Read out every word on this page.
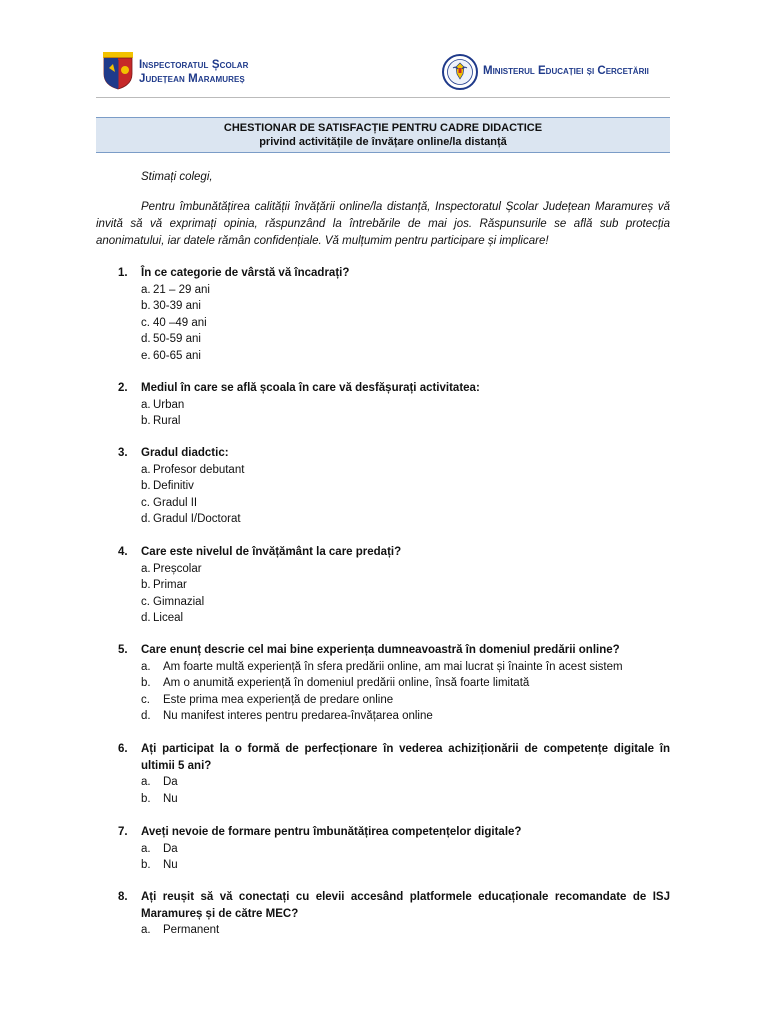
Inspectoratul Școlar
Județean Maramureș
Ministerul Educației și Cercetării
CHESTIONAR DE SATISFACȚIE PENTRU CADRE DIDACTICE
privind activitățile de învățare online/la distanță
Stimați colegi,
Pentru îmbunătățirea calității învățării online/la distanță, Inspectoratul Școlar Județean Maramureș vă invită să vă exprimați opinia, răspunzând la întrebările de mai jos. Răspunsurile se află sub protecția anonimatului, iar datele rămân confidențiale. Vă mulțumim pentru participare și implicare!
1.	În ce categorie de vârstă vă încadrați?
a. 21 – 29 ani
b. 30-39 ani
c. 40 –49 ani
d. 50-59 ani
e. 60-65 ani
2.	Mediul în care se află școala în care vă desfășurați activitatea:
a. Urban
b. Rural
3.	Gradul diadctic:
a. Profesor debutant
b. Definitiv
c. Gradul II
d. Gradul I/Doctorat
4.	Care este nivelul de învățământ la care predați?
a. Preșcolar
b. Primar
c. Gimnazial
d. Liceal
5.	Care enunț descrie cel mai bine experiența dumneavoastră în domeniul predării online?
a.	Am foarte multă experiență în sfera predării online, am mai lucrat și înainte în acest sistem
b.	Am o anumită experiență în domeniul predării online, însă foarte limitată
c.	Este prima mea experiență de predare online
d.	Nu manifest interes pentru predarea-învățarea online
6.	Ați participat la o formă de perfecționare în vederea achiziționării de competențe digitale în ultimii 5 ani?
a.	Da
b.	Nu
7.	Aveți nevoie de formare pentru îmbunătățirea competențelor digitale?
a.	Da
b.	Nu
8.	Ați reușit să vă conectați cu elevii accesând platformele educaționale recomandate de ISJ Maramureș și de către MEC?
a.	Permanent
